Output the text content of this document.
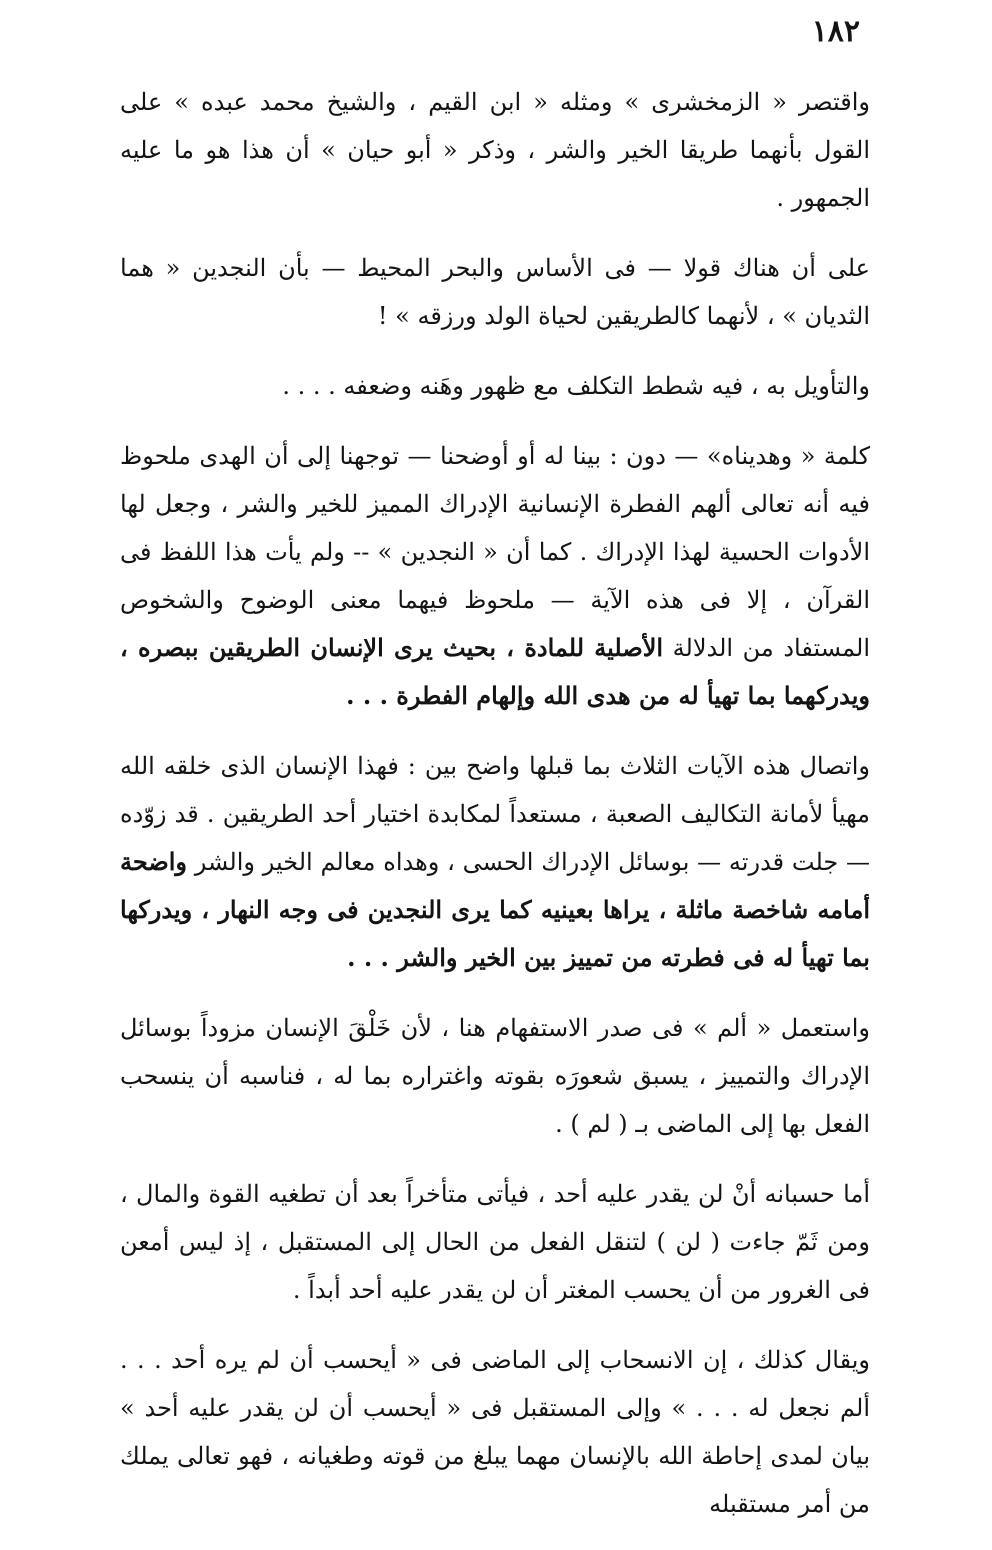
١٨٢

واقتصر « الزمخشرى » ومثله « ابن القيم ، والشيخ محمد عبده » على القول بأنهما طريقا الخير والشر ، وذكر « أبو حيان » أن هذا هو ما عليه الجمهور .

على أن هناك قولا — فى الأساس والبحر المحيط — بأن النجدين « هما الثديان » ، لأنهما كالطريقين لحياة الولد ورزقه » !

والتأويل به ، فيه شطط التكلف مع ظهور وهَنه وضعفه . . . .

كلمة « وهديناه» — دون : بينا له أو أوضحنا — توجهنا إلى أن الهدى ملحوظ فيه أنه تعالى ألهم الفطرة الإنسانية الإدراك المميز للخير والشر ، وجعل لها الأدوات الحسية لهذا الإدراك . كما أن « النجدين » -- ولم يأت هذا اللفظ فى القرآن ، إلا فى هذه الآية — ملحوظ فيهما معنى الوضوح والشخوص المستفاد من الدلالة الأصلية للمادة ، بحيث يرى الإنسان الطريقين ببصره ، ويدركهما بما تهيأ له من هدى الله وإلهام الفطرة . . .

واتصال هذه الآيات الثلاث بما قبلها واضح بين : فهذا الإنسان الذى خلقه الله مهيأ لأمانة التكاليف الصعبة ، مستعداً لمكابدة اختيار أحد الطريقين . قد زوّده — جلت قدرته — بوسائل الإدراك الحسى ، وهداه معالم الخير والشر واضحة أمامه شاخصة ماثلة ، يراها بعينيه كما يرى النجدين فى وجه النهار ، ويدركها بما تهيأ له فى فطرته من تمييز بين الخير والشر . . .

واستعمل « ألم » فى صدر الاستفهام هنا ، لأن خَلْقَ الإنسان مزوداً بوسائل الإدراك والتمييز ، يسبق شعورَه بقوته واغتراره بما له ، فناسبه أن ينسحب الفعل بها إلى الماضى بـ ( لم ) .

أما حسبانه أنْ لن يقدر عليه أحد ، فيأتى متأخراً بعد أن تطغيه القوة والمال ، ومن ثَمّ جاءت ( لن ) لتنقل الفعل من الحال إلى المستقبل ، إذ ليس أمعن فى الغرور من أن يحسب المغتر أن لن يقدر عليه أحد أبداً .

ويقال كذلك ، إن الانسحاب إلى الماضى فى « أيحسب أن لم يره أحد . . . ألم نجعل له . . . » وإلى المستقبل فى « أيحسب أن لن يقدر عليه أحد » بيان لمدى إحاطة الله بالإنسان مهما يبلغ من قوته وطغيانه ، فهو تعالى يملك من أمر مستقبله
